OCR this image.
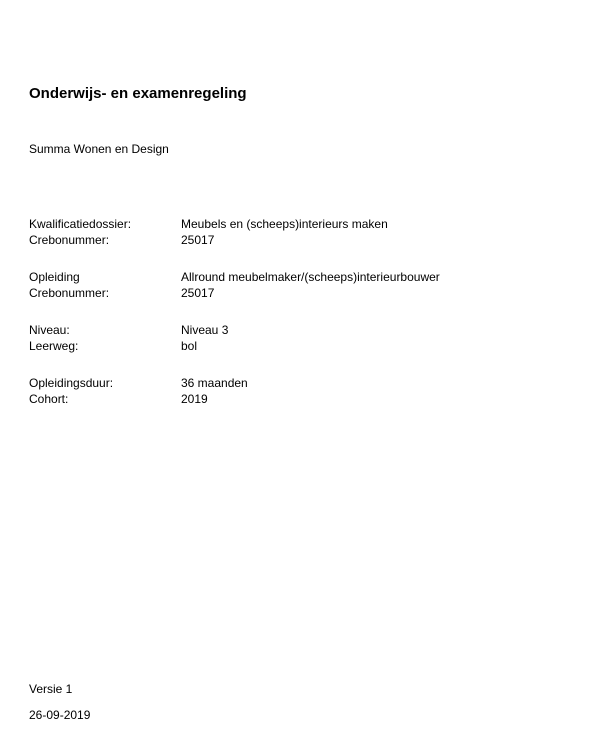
Onderwijs- en examenregeling
Summa Wonen en Design
Kwalificatiedossier:	Meubels en (scheeps)interieurs maken
Crebonummer:	25017
Opleiding	Allround meubelmaker/(scheeps)interieurbouwer
Crebonummer:	25017
Niveau:	Niveau 3
Leerweg:	bol
Opleidingsduur:	36 maanden
Cohort:	2019
Versie 1
26-09-2019
